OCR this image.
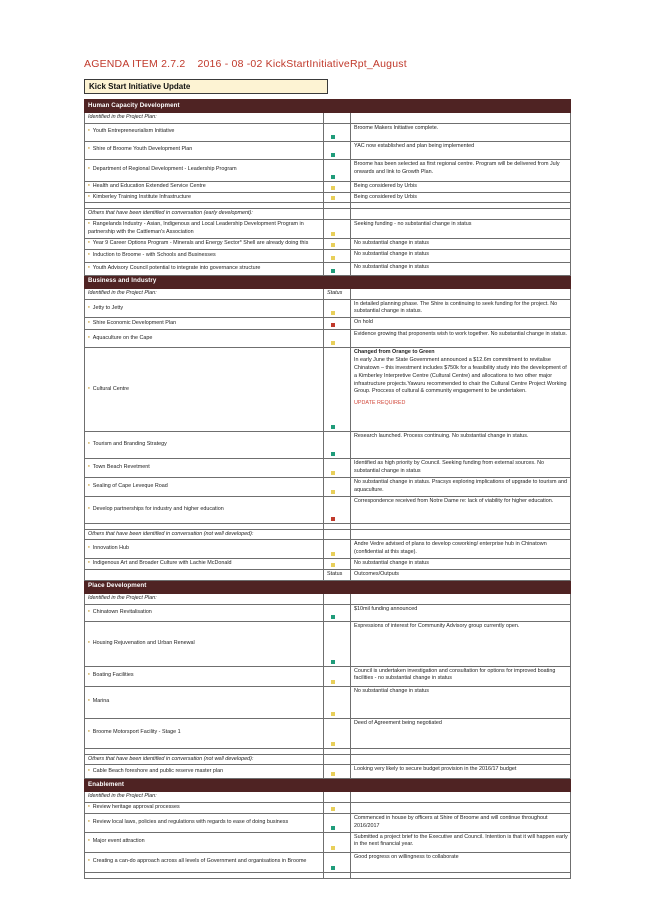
AGENDA ITEM 2.7.2 2016 - 08 -02 KickStartInitiativeRpt_August
Kick Start Initiative Update
Human Capacity Development		
Identified in the Project Plan:		
▪ Youth Entrepreneurialism Initiative		Broome Makers Initiative complete.

▪ Shire of Broome Youth Development Plan		YAC now established and plan being implemented

▪ Department of Regional Development - Leadership Program		Broome has been selected as first regional centre. Program will be delivered from July onwards and link to Growth Plan.

▪ Health and Education Extended Service Centre		Being considered by Urbis

▪ Kimberley Training Institute Infrastructure		Being considered by Urbis

Others that have been identified in conversation (early development):		
▪ Rangelands Industry - Asian, Indigenous and Local Leadership Development Program in partnership with the Cattleman's Association		Seeking funding - no substantial change in status

▪ Year 9 Career Options Program - Minerals and Energy Sector* Shell are already doing this		No substantial change in status

▪ Induction to Broome - with Schools and Businesses		No substantial change in status

▪ Youth Advisory Council potential to integrate into governance structure		No substantial change in status

Business and Industry		
Identified in the Project Plan:	Status	

▪ Jetty to Jetty		In detailed planning phase. The Shire is continuing to seek funding for the project. No substantial change in status.

▪ Shire Economic Development Plan		On hold

▪ Aquaculture on the Cape		Evidence growing that proponents wish to work together. No substantial change in status.

▪ Cultural Centre		Changed from Orange to Green
In early June the State Government announced a $12.6m commitment to revitalise Chinatown – this investment includes $750k for a feasibility study into the development of a Kimberley Interpretive Centre (Cultural Centre) and allocations to two other major infrastructure projects.Yawuru recommended to chair the Cultural Centre Project Working Group. Proccess of cultural & community engagement to be undertaken.
UPDATE REQUIRED

▪ Tourism and Branding Strategy		Research launched. Process continuing. No substantial change in status.

▪ Town Beach Revetment		Identified as high priority by Council. Seeking funding from external sources. No substantial change in status

▪ Sealing of Cape Leveque Road		No substantial change in status. Pracsys exploring implications of upgrade to tourism and aquaculture.

▪ Develop partnerships for industry and higher education		Correspondence received from Notre Dame re: lack of viability for higher education.

Others that have been identified in conversation (not well developed):		
▪ Innovation Hub		Andre Vedre advised of plans to develop coworking/ enterprise hub in Chinatown (confidential at this stage).

▪ Indigenous Art and Broader Culture with Lachie McDonald		No substantial change in status

	Status	Outcomes/Outputs
Place Development		
Identified in the Project Plan:		
▪ Chinatown Revitalisation		$10mil funding announced

▪ Housing Rejuvenation and Urban Renewal		Expressions of interest for Community Advisory group currently open.

▪ Boating Facilities		Council is undertaken investigation and consultation for options for improved boating facilities - no substantial change in status

▪ Marina		No substantial change in status

▪ Broome Motorsport Facility - Stage 1		Deed of Agreement being negotiated

Others that have been identified in conversation (not well developed):		
▪ Cable Beach foreshore and public reserve master plan		Looking very likely to secure budget provision in the 2016/17 budget

Enablement		
Identified in the Project Plan:		
▪ Review heritage approval processes	

▪ Review local laws, policies and regulations with regards to ease of doing business		Commenced in house by officers at Shire of Broome and will continue throughout 2016/2017

▪ Major event attraction		Submitted a project brief to the Executive and Council. Intention is that it will happen early in the next financial year.

▪ Creating a can-do approach across all levels of Government and organisations in Broome		Good progress on willingness to collaborate
